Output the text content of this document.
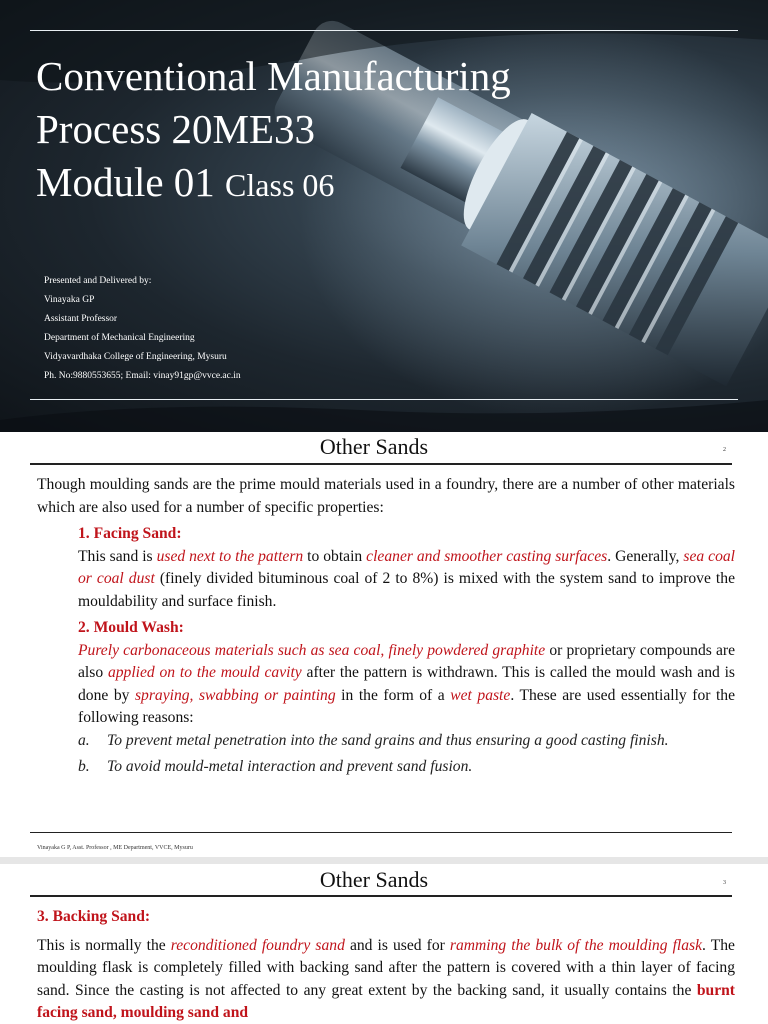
Conventional Manufacturing
Process 20ME33
Module 01 Class 06
Presented and Delivered by:
Vinayaka GP
Assistant Professor
Department of Mechanical Engineering
Vidyavardhaka College of Engineering, Mysuru
Ph. No:9880553655; Email: vinay91gp@vvce.ac.in
Other Sands	2

Though moulding sands are the prime mould materials used in a foundry, there are a number of other materials which are also used for a number of specific properties:

1. Facing Sand:

This sand is used next to the pattern to obtain cleaner and smoother casting surfaces. Generally, sea coal or coal dust (finely divided bituminous coal of 2 to 8%) is mixed with the system sand to improve the mouldability and surface finish.

2. Mould Wash:

Purely carbonaceous materials such as sea coal, finely powdered graphite or proprietary compounds are also applied on to the mould cavity after the pattern is withdrawn. This is called the mould wash and is done by spraying, swabbing or painting in the form of a wet paste. These are used essentially for the following reasons:

a.	To prevent metal penetration into the sand grains and thus ensuring a good casting finish.
b.	To avoid mould-metal interaction and prevent sand fusion.
Vinayaka G P, Asst. Professor , ME Department, VVCE, Mysuru
Other Sands	3

3. Backing Sand:

This is normally the reconditioned foundry sand and is used for ramming the bulk of the moulding flask. The moulding flask is completely filled with backing sand after the pattern is covered with a thin layer of facing sand. Since the casting is not affected to any great extent by the backing sand, it usually contains the burnt facing sand, moulding sand and
